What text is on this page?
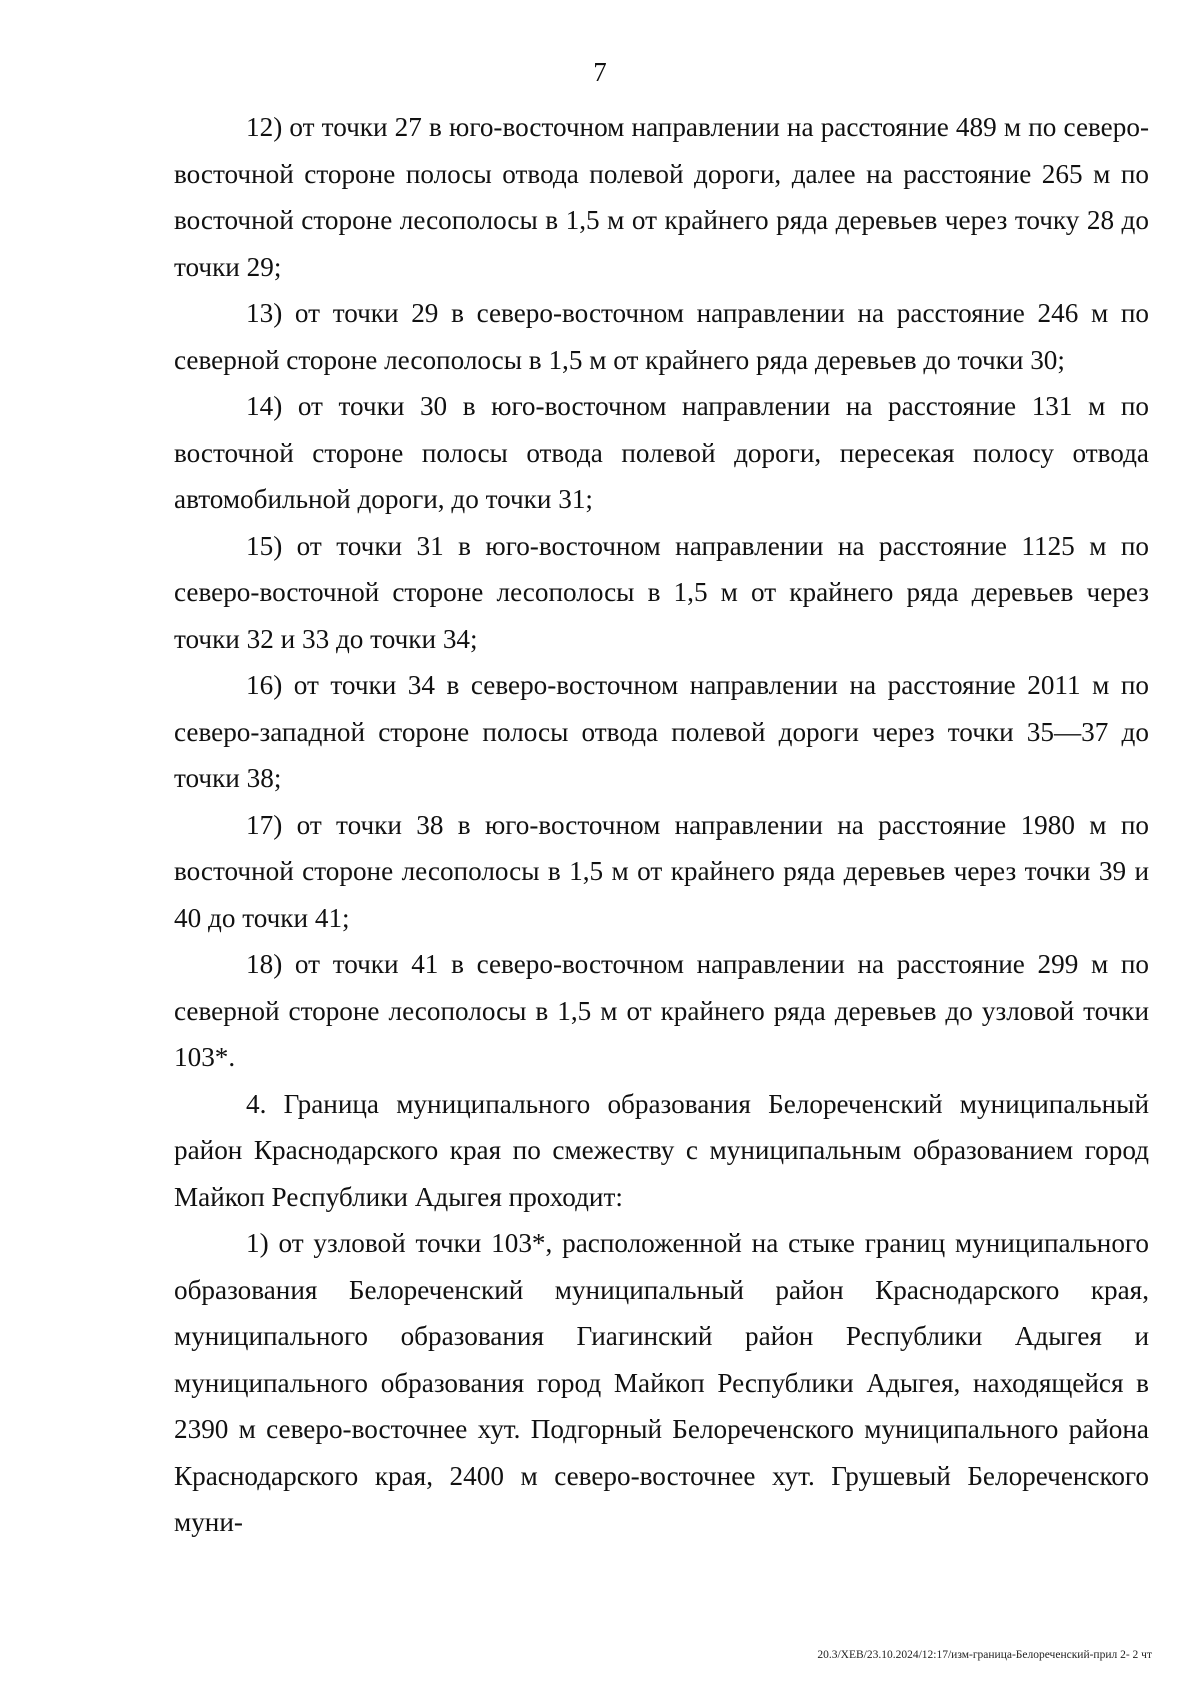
7

12) от точки 27 в юго-восточном направлении на расстояние 489 м по северо-восточной стороне полосы отвода полевой дороги, далее на расстояние 265 м по восточной стороне лесополосы в 1,5 м от крайнего ряда деревьев через точку 28 до точки 29;

13) от точки 29 в северо-восточном направлении на расстояние 246 м по северной стороне лесополосы в 1,5 м от крайнего ряда деревьев до точки 30;

14) от точки 30 в юго-восточном направлении на расстояние 131 м по восточной стороне полосы отвода полевой дороги, пересекая полосу отвода автомобильной дороги, до точки 31;

15) от точки 31 в юго-восточном направлении на расстояние 1125 м по северо-восточной стороне лесополосы в 1,5 м от крайнего ряда деревьев через точки 32 и 33 до точки 34;

16) от точки 34 в северо-восточном направлении на расстояние 2011 м по северо-западной стороне полосы отвода полевой дороги через точки 35—37 до точки 38;

17) от точки 38 в юго-восточном направлении на расстояние 1980 м по восточной стороне лесополосы в 1,5 м от крайнего ряда деревьев через точки 39 и 40 до точки 41;

18) от точки 41 в северо-восточном направлении на расстояние 299 м по северной стороне лесополосы в 1,5 м от крайнего ряда деревьев до узловой точки 103*.

4. Граница муниципального образования Белореченский муниципальный район Краснодарского края по смежеству с муниципальным образованием город Майкоп Республики Адыгея проходит:

1) от узловой точки 103*, расположенной на стыке границ муниципального образования Белореченский муниципальный район Краснодарского края, муниципального образования Гиагинский район Республики Адыгея и муниципального образования город Майкоп Республики Адыгея, находящейся в 2390 м северо-восточнее хут. Подгорный Белореченского муниципального района Краснодарского края, 2400 м северо-восточнее хут. Грушевый Белореченского муни-

20.3/ХЕВ/23.10.2024/12:17/изм-граница-Белореченский-прил 2- 2 чт
